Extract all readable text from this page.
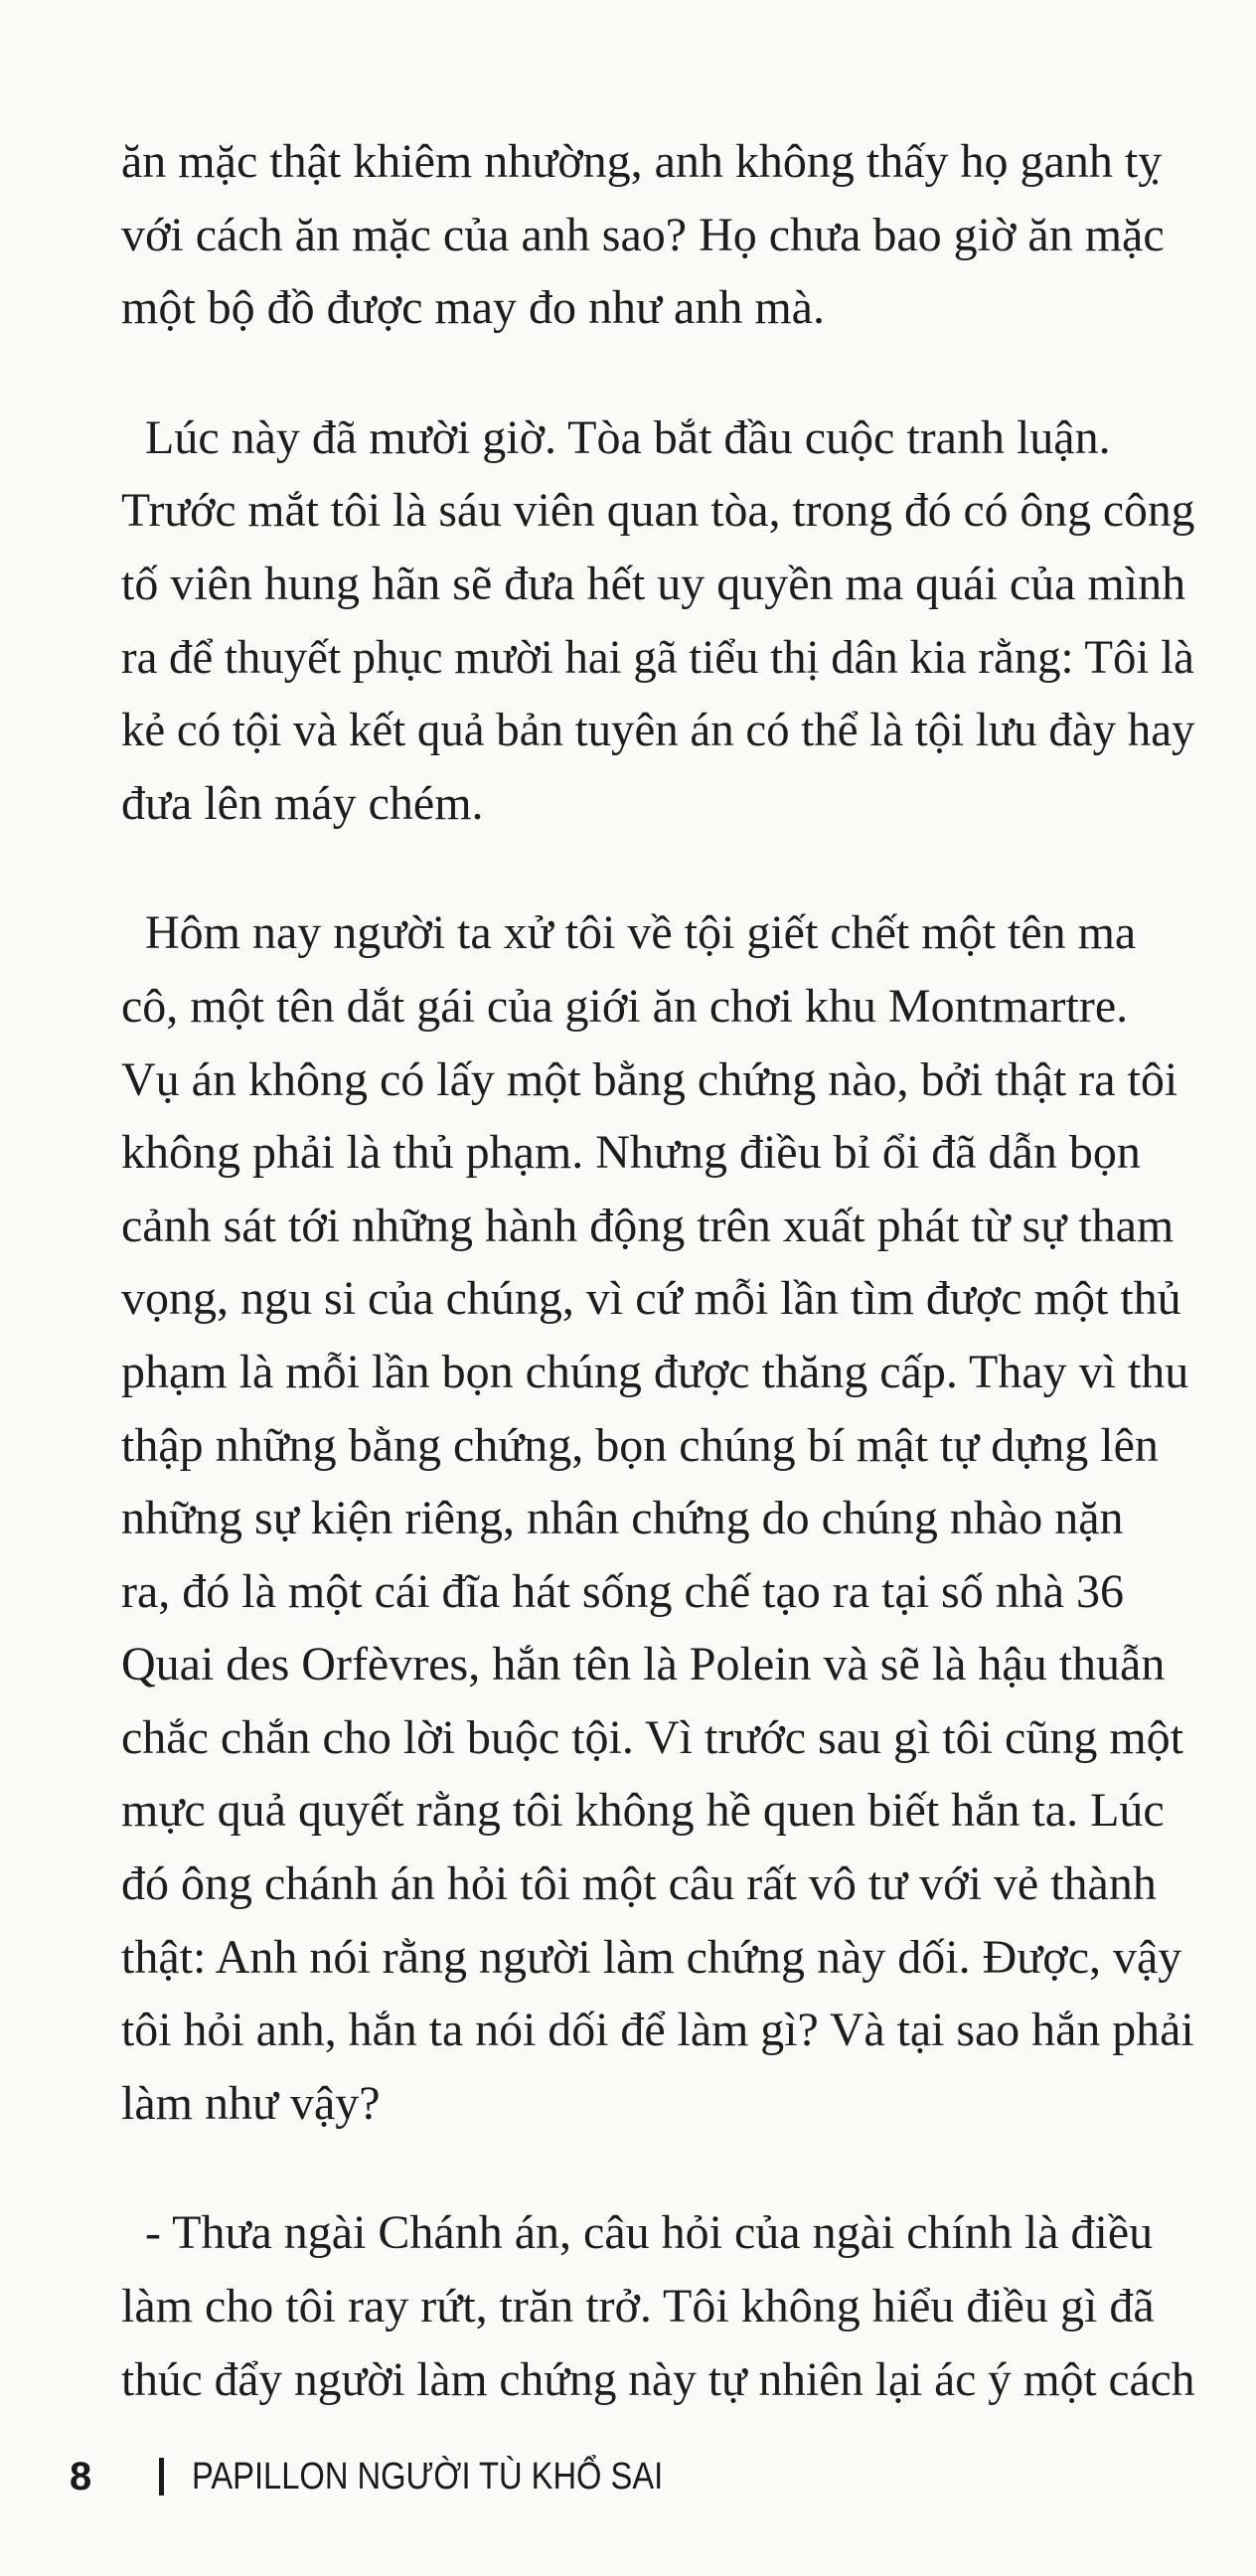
ăn mặc thật khiêm nhường, anh không thấy họ ganh tỵ
với cách ăn mặc của anh sao? Họ chưa bao giờ ăn mặc
một bộ đồ được may đo như anh mà.

Lúc này đã mười giờ. Tòa bắt đầu cuộc tranh luận.
Trước mắt tôi là sáu viên quan tòa, trong đó có ông công
tố viên hung hãn sẽ đưa hết uy quyền ma quái của mình
ra để thuyết phục mười hai gã tiểu thị dân kia rằng: Tôi là
kẻ có tội và kết quả bản tuyên án có thể là tội lưu đày hay
đưa lên máy chém.

Hôm nay người ta xử tôi về tội giết chết một tên ma
cô, một tên dắt gái của giới ăn chơi khu Montmartre.
Vụ án không có lấy một bằng chứng nào, bởi thật ra tôi
không phải là thủ phạm. Nhưng điều bỉ ổi đã dẫn bọn
cảnh sát tới những hành động trên xuất phát từ sự tham
vọng, ngu si của chúng, vì cứ mỗi lần tìm được một thủ
phạm là mỗi lần bọn chúng được thăng cấp. Thay vì thu
thập những bằng chứng, bọn chúng bí mật tự dựng lên
những sự kiện riêng, nhân chứng do chúng nhào nặn
ra, đó là một cái đĩa hát sống chế tạo ra tại số nhà 36
Quai des Orfèvres, hắn tên là Polein và sẽ là hậu thuẫn
chắc chắn cho lời buộc tội. Vì trước sau gì tôi cũng một
mực quả quyết rằng tôi không hề quen biết hắn ta. Lúc
đó ông chánh án hỏi tôi một câu rất vô tư với vẻ thành
thật: Anh nói rằng người làm chứng này dối. Được, vậy
tôi hỏi anh, hắn ta nói dối để làm gì? Và tại sao hắn phải
làm như vậy?

- Thưa ngài Chánh án, câu hỏi của ngài chính là điều
làm cho tôi ray rứt, trăn trở. Tôi không hiểu điều gì đã
thúc đẩy người làm chứng này tự nhiên lại ác ý một cách

8	PAPILLON NGƯỜI TÙ KHỔ SAI
